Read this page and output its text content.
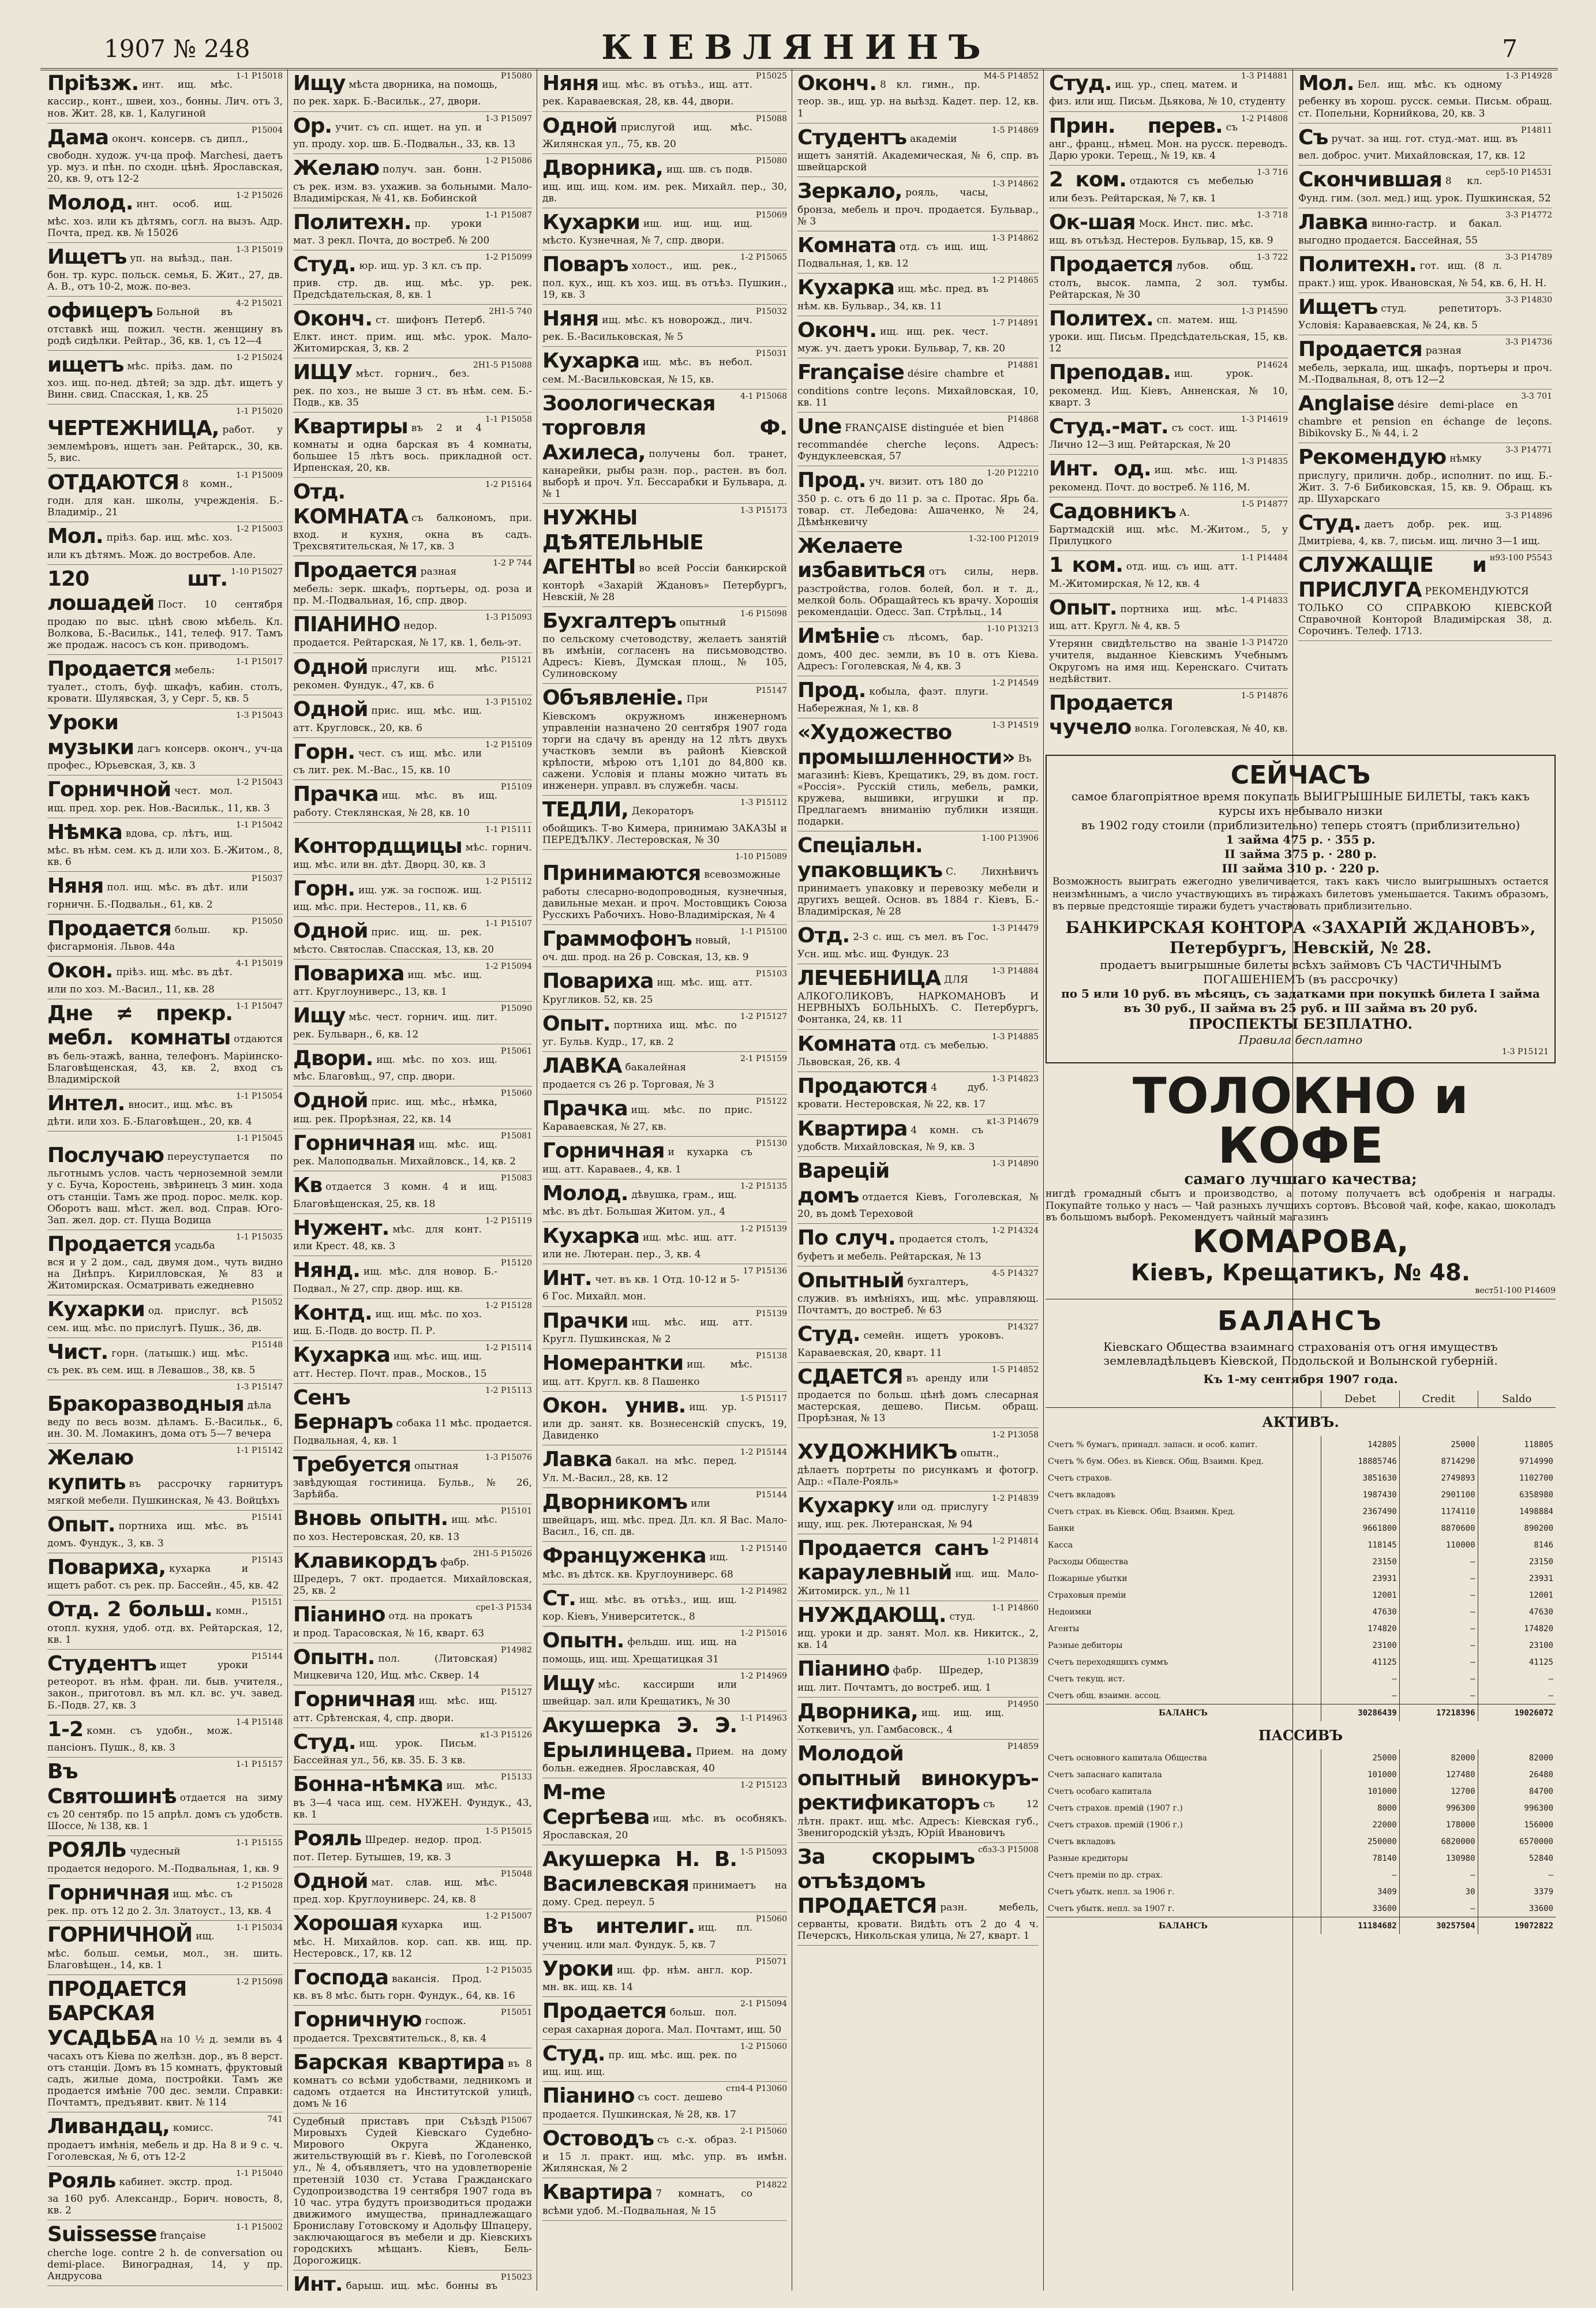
1907 № 248	КІЕВЛЯНИНЪ	7
1-1 P15018
Пріѣзж. инт. ищ. мѣс. кассир., конт., швеи, хоз., бонны. Лич. отъ 3, нов. Жит. 28, кв. 1, Калугиной
Р15004
Дама оконч. консерв. съ дипл., свободн. худож. уч-ца проф. Marchesi, даетъ ур. муз. и пѣн. по сходн. цѣнѣ. Ярославская, 20, кв. 9, отъ 12-2
1-2 P15026
Молод. инт. особ. ищ. мѣс. хоз. или къ дѣтямъ, согл. на вызъ. Адр. Почта, пред. кв. № 15026
1-3 Р15019
Ищетъ уп. на выѣзд., пан. бон. тр. курс. польск. семья, Б. Жит., 27, дв. А. В., отъ 10-2, мож. по-вез.
4-2 Р15021
офицеръ Больной въ отставкѣ ищ. пожил. честн. женщину въ родѣ сидѣлки. Рейтар., 36, кв. 1, съ 12—4
1-2 Р15024
ищетъ мѣс. пріѣз. дам. по хоз. ищ. по-нед. дѣтей; за здр. дѣт. ищетъ у Винн. свид. Спасская, 1, кв. 25
1-1 Р15020
ЧЕРТЕЖНИЦА, работ. у землемѣровъ, ищетъ зан. Рейтарск., 30, кв. 5, вис.
1-1 Р15009
ОТДАЮТСЯ 8 комн., годн. для кан. школы, учрежденія. Б.-Владимір., 21
1-2 Р15003
Мол. пріѣз. бар. ищ. мѣс. хоз. или къ дѣтямъ. Мож. до востребов. Але.
1-10 Р15027
120 шт. лошадей Пост. 10 сентября продаю по выс. цѣнѣ свою мѣбель. Кл. Волкова, Б.-Васильк., 141, телеф. 917. Тамъ же продаж. насосъ съ кон. приводомъ.
1-1 Р15017
Продается мебель: туалет., столъ, буф. шкафъ, кабин. столъ, кровати. Шулявская, 3, у Серг. 5, кв. 5
1-3 Р15043
Уроки музыки дагъ консерв. оконч., уч-ца профес., Юрьевская, 3, кв. 3
1-2 Р15043
Горничной чест. мол. ищ. пред. хор. рек. Нов.-Васильк., 11, кв. 3
1-1 Р15042
Нѣмка вдова, ср. лѣтъ, ищ. мѣс. въ нѣм. сем. къ д. или хоз. Б.-Житом., 8, кв. 6
Р15037
Няня пол. ищ. мѣс. въ дѣт. или горничн. Б.-Подвальн., 61, кв. 2
Р15050
Продается больш. кр. фисгармонія. Львов. 44а
4-1 Р15019
Окон. пріѣз. ищ. мѣс. въ дѣт. или по хоз. М.-Васил., 11, кв. 28
1-1 Р15047
Дне ≠ прекр. мебл. комнаты отдаются въ бель-этажѣ, ванна, телефонъ. Маріинско-Благовѣщенская, 43, кв. 2, вход съ Владимірской
1-1 Р15054
Интел. вносит., ищ. мѣс. въ дѣти. или хоз. Б.-Благовѣщен., 20, кв. 4
1-1 Р15045
Послучаю переуступается по льготнымъ услов. часть черноземной земли у с. Буча, Коростень, звѣринецъ 3 мин. хода отъ станціи. Тамъ же прод. порос. мелк. кор. Оборотъ ваш. мѣст. жел. вод. Справ. Юго-Зап. жел. дор. ст. Пуща Водица
1-1 Р15035
Продается усадьба вся и у 2 дом., сад, двумя дом., чуть видно на Днѣпръ. Кирилловская, № 83 и Житомирская. Осматривать ежедневно
Р15052
Кухарки од. прислуг. всѣ сем. ищ. мѣс. по прислугѣ. Пушк., 36, дв.
Р15148
Чист. горн. (латышк.) ищ. мѣс. съ рек. въ сем. ищ. в Левашов., 38, кв. 5
1-3 Р15147
Бракоразводныя дѣла веду по весь возм. дѣламъ. Б.-Васильк., 6, ин. 30. М. Ломакинъ, дома отъ 5—7 вечера
1-1 Р15142
Желаю купить въ рассрочку гарнитуръ мягкой мебели. Пушкинская, № 43. Войцѣхъ
Р15141
Опыт. портниха ищ. мѣс. въ домъ. Фундук., 3, кв. 3
Р15143
Повариха, кухарка и ищетъ работ. съ рек. пр. Бассейн., 45, кв. 42
Р15151
Отд. 2 больш. комн., отопл. кухня, удоб. отд. вх. Рейтарская, 12, кв. 1
Р15144
Студентъ ищет уроки ретеорот. въ нѣм. фран. ли. быв. учителя., закон., приготовл. въ мл. кл. вс. уч. завед. Б.-Подв. 27, кв. 3
1-4 Р15148
1-2 комн. съ удобн., мож. пансіонъ. Пушк., 8, кв. 3
1-1 Р15157
Въ Святошинѣ отдается на зиму съ 20 сентябр. по 15 апрѣл. домъ съ удобств. Шоссе, № 138, кв. 1
1-1 Р15155
РОЯЛЬ чудесный продается недорого. М.-Подвальная, 1, кв. 9
1-2 Р15028
Горничная ищ. мѣс. съ рек. пр. отъ 12 до 2. Зл. Златоуст., 13, кв. 4
1-1 Р15034
ГОРНИЧНОЙ ищ. мѣс. больш. семьи, мол., зн. шить. Благовѣщен., 14, кв. 1
1-2 Р15098
ПРОДАЕТСЯ БАРСКАЯ УСАДЬБА на 10 ½ д. земли въ 4 часахъ отъ Кіева по желѣзн. дор., въ 8 верст. отъ станціи. Домъ въ 15 комнатъ, фруктовый садъ, жилые дома, постройки. Тамъ же продается имѣніе 700 дес. земли. Справки: Почтамтъ, предъявит. квит. № 114
741
Ливандац, комисс. продаетъ имѣнія, мебель и др. На 8 и 9 с. ч. Гоголевская, № 6, отъ 12-2
1-1 Р15040
Рояль кабинет. экстр. прод. за 160 руб. Александр., Борич. новость, 8, кв. 2
1-1 Р15002
Suissesse française cherche loge. contre 2 h. de conversation ou demi-place. Виноградная, 14, у пр. Андрусова
Р15080
Ищу мѣста дворника, на помощь, по рек. харк. Б.-Васильк., 27, двори.
1-3 Р15097
Ор. учит. съ сп. ищет. на уп. и уп. проду. хор. шв. Б.-Подвальн., 33, кв. 13
1-2 Р15086
Желаю получ. зан. бонн. съ рек. изм. вз. ухажив. за больными. Мало-Владимірская, № 41, кв. Бобинской
1-1 Р15087
Политехн. пр. уроки мат. 3 рекл. Почта, до востреб. № 200
1-2 Р15099
Студ. юр. ищ. ур. 3 кл. съ пр. прив. стр. дв. ищ. мѣс. ур. рек. Предсѣдательская, 8, кв. 1
2Н1-5 740
Оконч. ст. шифонъ Петерб. Елкт. инст. прим. ищ. мѣс. урок. Мало-Житомирская, 3, кв. 2
2Н1-5 P15088
ИЩУ мѣст. горнич., без. рек. по хоз., не выше 3 ст. въ нѣм. сем. Б.-Подв., кв. 35
1-1 Р15058
Квартиры въ 2 и 4 комнаты и одна барская въ 4 комнаты, большее 15 лѣтъ вось. прикладной ост. Ирпенская, 20, кв.
1-2 Р15164
Отд. КОМНАТА съ балкономъ, при. вход. и кухня, окна въ садъ. Трехсвятительская, № 17, кв. 3
1-2 Р 744
Продается разная мебель: зерк. шкафъ, портьеры, од. роза и пр. М.-Подвальная, 16, спр. двор.
1-3 Р15093
ПІАНИНО недор. продается. Рейтарская, № 17, кв. 1, бель-эт.
Р15121
Одной прислуги ищ. мѣс. рекомен. Фундук., 47, кв. 6
1-3 Р15102
Одной прис. ищ. мѣс. ищ. атт. Кругловск., 20, кв. 6
1-2 Р15109
Горн. чест. съ ищ. мѣс. или съ лит. рек. М.-Вас., 15, кв. 10
Р15109
Прачка ищ. мѣс. въ ищ. работу. Стеклянская, № 28, кв. 10
1-1 Р15111
Контордщицы мѣс. горнич. ищ. мѣс. или вн. дѣт. Дворц. 30, кв. 3
1-2 Р15112
Горн. ищ. уж. за госпож. ищ. ищ. мѣс. при. Нестеров., 11, кв. 6
1-1 Р15107
Одной прис. ищ. ш. рек. мѣсто. Святослав. Спасская, 13, кв. 20
1-2 Р15094
Повариха ищ. мѣс. ищ. атт. Круглоуниверс., 13, кв. 1
Р15090
Ищу мѣс. чест. горнич. ищ. лит. рек. Бульварн., 6, кв. 12
Р15061
Двори. ищ. мѣс. по хоз. ищ. мѣс. Благовѣщ., 97, спр. двори.
Р15060
Одной прис. ищ. мѣс., нѣмка, ищ. рек. Прорѣзная, 22, кв. 14
Р15081
Горничная ищ. мѣс. ищ. рек. Малоподвальн. Михайловск., 14, кв. 2
Р15083
Кв отдается 3 комн. 4 и ищ. Благовѣщенская, 25, кв. 18
1-2 Р15119
Нужент. мѣс. для конт. или Крест. 48, кв. 3
Р15120
Нянд. ищ. мѣс. для новор. Б.-Подвал., № 27, спр. двор. ищ. кв.
1-2 Р15128
Контд. ищ. ищ. мѣс. по хоз. ищ. Б.-Подв. до востр. П. Р.
1-2 Р15114
Кухарка ищ. мѣс. ищ. ищ. атт. Нестер. Почт. прав., Москов., 15
1-2 Р15113
Сенъ Бернаръ собака 11 мѣс. продается. Подвальная, 4, кв. 1
1-3 Р15076
Требуется опытная завѣдующая гостиница. Бульв., № 26, Зарѣйба.
Р15101
Вновь опытн. ищ. мѣс. по хоз. Нестеровская, 20, кв. 13
2Н1-5 Р15026
Клавикордъ фабр. Шредеръ, 7 окт. продается. Михайловская, 25, кв. 2
сре1-3 Р1534
Піанино отд. на прокатъ и прод. Тарасовская, № 16, кварт. 63
Р14982
Опытн. пол. (Литовская) Мицкевича 120, Ищ. мѣс. Сквер. 14
Р15127
Горничная ищ. мѣс. ищ. атт. Срѣтенская, 4, спр. двори.
к1-3 Р15126
Студ. ищ. урок. Письм. Бассейная ул., 56, кв. 35. Б. 3 кв.
Р15133
Бонна-нѣмка ищ. мѣс. въ 3—4 часа ищ. сем. НУЖЕН. Фундук., 43, кв. 1
1-5 Р15015
Рояль Шредер. недор. прод. пот. Петер. Бутышев, 19, кв. 3
Р15048
Одной мат. слав. ищ. мѣс. пред. хор. Круглоуниверс. 24, кв. 8
1-2 Р15007
Хорошая кухарка ищ. мѣс. Н. Михайлов. кор. сап. кв. ищ. пр. Нестеровск., 17, кв. 12
1-2 Р15035
Господа вакансія. Прод. кв. въ 8 мѣс. быть горн. Фундук., 64, кв. 16
Р15051
Горничную госпож. продается. Трехсвятительск., 8, кв. 4
Барская квартира въ 8 комнатъ со всѣми удобствами, ледникомъ и садомъ отдается на Институтской улицѣ, домъ № 16
Р15067
Судебный приставъ при Съѣздѣ Мировыхъ Судей Кіевскаго Судебно-Мирового Округа Жданенко, жительствующій въ г. Кіевѣ, по Гоголевской ул., № 4, объявляетъ, что на удовлетвореніе претензій 1030 ст. Устава Гражданскаго Судопроизводства 19 сентября 1907 года въ 10 час. утра будутъ производиться продажи движимого имущества, принадлежащаго Брониславу Готовскому и Адольфу Шпацеру, заключающагося въ мебели и др. Кіевскихъ городскихъ мѣщанъ. Кіевъ, Бель-Дорогожицк.
Р15023
Инт. барыш. ищ. мѣс. бонны въ
Р15025
Няня ищ. мѣс. въ отъѣз., ищ. атт. рек. Караваевская, 28, кв. 44, двори.
Р15088
Одной прислугой ищ. мѣс. Жилянская ул., 75, кв. 20
Р15080
Дворника, ищ. шв. съ подв. ищ. ищ. ищ. ком. им. рек. Михайл. пер., 30, дв.
Р15069
Кухарки ищ. ищ. ищ. ищ. мѣсто. Кузнечная, № 7, спр. двори.
1-2 Р15065
Поваръ холост., ищ. рек., пол. кух., ищ. къ хоз. ищ. въ отъѣз. Пушкин., 19, кв. 3
Р15032
Няня ищ. мѣс. къ новорожд., лич. рек. Б.-Васильковская, № 5
Р15031
Кухарка ищ. мѣс. въ небол. сем. М.-Васильковская, № 15, кв.
4-1 Р15068
Зоологическая торговля Ф. Ахилеса, получены бол. транет, канарейки, рыбы разн. пор., растен. въ бол. выборѣ и проч. Ул. Бессарабки и Бульвара, д. № 1
1-3 Р15173
НУЖНЫ ДѢЯТЕЛЬНЫЕ АГЕНТЫ во всей Россіи банкирской конторѣ «Захарій Ждановъ» Петербургъ, Невскій, № 28
1-6 Р15098
Бухгалтеръ опытный по сельскому счетоводству, желаетъ занятій въ имѣніи, согласенъ на письмоводство. Адресъ: Кіевъ, Думская площ., № 105, Сулиновскому
Р15147
Объявленіе. При Кіевскомъ окружномъ инженерномъ управленіи назначено 20 сентября 1907 года торги на сдачу въ аренду на 12 лѣтъ двухъ участковъ земли въ районѣ Кіевской крѣпости, мѣрою отъ 1,101 до 84,800 кв. сажени. Условія и планы можно читать въ инженерн. управл. въ служебн. часы.
1-3 Р15112
ТЕДЛИ, Декораторъ обойщикъ. Т-во Кимера, принимаю ЗАКАЗЫ и ПЕРЕДѢЛКУ. Лестеровская, № 30
1-10 Р15089
Принимаются всевозможные работы слесарно-водопроводныя, кузнечныя, давильные механ. и проч. Мостовщикъ Союза Русскихъ Рабочихъ. Ново-Владимірская, № 4
1-1 Р15100
Граммофонъ новый, оч. дш. прод. на 26 р. Совская, 13, кв. 9
Р15103
Повариха ищ. мѣс. ищ. атт. Кругликов. 52, кв. 25
1-2 Р15127
Опыт. портниха ищ. мѣс. по уг. Бульв. Кудр., 17, кв. 2
2-1 Р15159
ЛАВКА бакалейная продается съ 26 р. Торговая, № 3
Р15122
Прачка ищ. мѣс. по прис. Караваевская, № 27, кв.
Р15130
Горничная и кухарка съ ищ. атт. Караваев., 4, кв. 1
1-2 Р15135
Молод. дѣвушка, грам., ищ. мѣс. въ дѣт. Большая Житом. ул., 4
1-2 Р15139
Кухарка ищ. мѣс. ищ. атт. или не. Лютеран. пер., 3, кв. 4
17 Р15136
Инт. чет. въ кв. 1 Отд. 10-12 и 5-6 Гос. Михайл. мон.
Р15139
Прачки ищ. мѣс. ищ. атт. Кругл. Пушкинская, № 2
Р15138
Номерантки ищ. мѣс. ищ. атт. Кругл. кв. 8 Пашенко
1-5 Р15117
Окон. унив. ищ. ур. или др. занят. кв. Вознесенскій спускъ, 19, Давиденко
1-2 Р15144
Лавка бакал. на мѣс. перед. Ул. М.-Васил., 28, кв. 12
Р15144
Дворникомъ или швейцаръ, ищ. мѣс. пред. Дл. кл. Я Вас. Мало-Васил., 16, сп. дв.
1-2 Р15140
Француженка ищ. мѣс. въ дѣтск. кв. Круглоуниверс. 68
1-2 Р14982
Ст. ищ. мѣс. въ отъѣз., ищ. ищ. кор. Кіевъ, Университетск., 8
1-2 Р15016
Опытн. фельдш. ищ. ищ. на помощь, ищ. ищ. Хрещатицкая 31
1-2 Р14969
Ищу мѣс. кассирши или швейцар. зал. или Крещатикъ, № 30
1-1 Р14963
Акушерка Э. Э. Ерылинцева. Прием. на дому больн. ежеднев. Ярославская, 40
1-2 Р15123
М-me Сергѣева ищ. мѣс. въ особнякъ. Ярославская, 20
1-5 Р15093
Акушерка Н. В. Василевская принимаетъ на дому. Сред. переул. 5
Р15060
Въ интелиг. ищ. пл. учениц. или мал. Фундук. 5, кв. 7
Р15071
Уроки ищ. фр. нѣм. англ. кор. мн. вк. ищ. кв. 14
2-1 Р15094
Продается больш. пол. серая сахарная дорога. Мал. Почтамт, ищ. 50
1-2 Р15060
Студ. пр. ищ. мѣс. ищ. рек. по ищ. ищ. ищ.
стп4-4 Р13060
Піанино съ сост. дешево продается. Пушкинская, № 28, кв. 17
2-1 Р15060
Остоводъ съ с.-х. образ. и 15 л. практ. ищ. мѣс. упр. въ имѣн. Жилянская, № 2
Р14822
Квартира 7 комнатъ, со всѣми удоб. М.-Подвальная, № 15
М4-5 Р14852
Оконч. 8 кл. гимн., пр. теор. зв., ищ. ур. на выѣзд. Кадет. пер. 12, кв. 1
1-5 Р14869
Студентъ академіи ищетъ занятій. Академическая, № 6, спр. въ швейцарской
1-3 Р14862
Зеркало, рояль, часы, бронза, мебель и проч. продается. Бульвар., № 3
1-3 Р14862
Комната отд. съ ищ. ищ. Подвальная, 1, кв. 12
1-2 Р14865
Кухарка ищ. мѣс. пред. въ нѣм. кв. Бульвар., 34, кв. 11
1-7 Р14891
Оконч. ищ. ищ. рек. чест. муж. уч. даетъ уроки. Бульвар, 7, кв. 20
Р14881
Française désire chambre et conditions contre leçons. Михайловская, 10, кв. 11
Р14868
Une FRANÇAISE distinguée et bien recommandée cherche leçons. Адресъ: Фундуклеевская, 57
1-20 Р12210
Прод. уч. визит. отъ 180 до 350 р. с. отъ 6 до 11 р. за с. Протас. Ярь ба. товар. ст. Лебедова: Ашаченко, № 24, Дѣмѣнкевичу
1-32-100 Р12019
Желаете избавиться отъ силы, нерв. разстройства, голов. болей, бол. и т. д., мелкой боль. Обращайтесь къ врачу. Хорошія рекомендаціи. Одесс. Зап. Стрѣльц., 14
1-10 Р13213
Имѣніе съ лѣсомъ, бар. домъ, 400 дес. земли, въ 10 в. отъ Кіева. Адресъ: Гоголевская, № 4, кв. 3
1-2 Р14549
Прод. кобыла, фаэт. плуги. Набережная, № 1, кв. 8
1-3 Р14519
«Художество промышленности» Въ магазинѣ: Кіевъ, Крещатикъ, 29, въ дом. гост. «Россія». Русскій стиль, мебель, рамки, кружева, вышивки, игрушки и пр. Предлагаемъ вниманію публики изящн. подарки.
1-100 Р13906
Спеціальн. упаковщикъ С. Лихнѣвичъ принимаетъ упаковку и перевозку мебели и другихъ вещей. Основ. въ 1884 г. Кіевъ, Б.-Владимірская, № 28
1-3 Р14479
Отд. 2-3 с. ищ. съ мел. въ Гос. Усн. ищ. мѣс. ищ. Фундук. 23
1-3 Р14884
ЛЕЧЕБНИЦА ДЛЯ АЛКОГОЛИКОВЪ, НАРКОМАНОВЪ И НЕРВНЫХЪ БОЛЬНЫХЪ. С. Петербургъ, Фонтанка, 24, кв. 11
1-3 Р14885
Комната отд. съ мебелью. Львовская, 26, кв. 4
1-3 Р14823
Продаются 4 дуб. кровати. Нестеровская, № 22, кв. 17
к1-3 Р14679
Квартира 4 комн. съ удобств. Михайловская, № 9, кв. 3
1-3 Р14890
Варецій домъ отдается Кіевъ, Гоголевская, № 20, въ домѣ Тереховой
1-2 Р14324
По случ. продается столъ, буфетъ и мебель. Рейтарская, № 13
4-5 Р14327
Опытный бухгалтеръ, служив. въ имѣніяхъ, ищ. мѣс. управляющ. Почтамтъ, до востреб. № 63
Р14327
Студ. семейн. ищетъ уроковъ. Караваевская, 20, кварт. 11
1-5 Р14852
СДАЕТСЯ въ аренду или продается по больш. цѣнѣ домъ слесарная мастерская, дешево. Письм. обращ. Прорѣзная, № 13
1-2 Р13058
ХУДОЖНИКЪ опытн., дѣлаетъ портреты по рисункамъ и фотогр. Адр.: «Пале-Рояль»
1-2 Р14839
Кухарку или од. прислугу ищу, ищ. рек. Лютеранская, № 94
1-2 Р14814
Продается санъ караулевный ищ. ищ. Мало-Житомирск. ул., № 11
1-1 Р14860
НУЖДАЮЩ. студ. ищ. уроки и др. занят. Мол. кв. Никитск., 2, кв. 14
1-10 Р13839
Піанино фабр. Шредер, ищ. лит. Почтамтъ, до востреб. ищ. 1
Р14950
Дворника, ищ. ищ. ищ. Хоткевичъ, ул. Гамбасовск., 4
Р14859
Молодой опытный винокуръ-ректификаторъ съ 12 лѣтн. практ. ищ. мѣс. Адресъ: Кіевская губ., Звенигородскій уѣздъ, Юрій Ивановичъ
сбз3-3 Р15008
За скорымъ отъѣздомъ ПРОДАЕТСЯ разн. мебель, серванты, кровати. Видѣть отъ 2 до 4 ч. Печерскъ, Никольская улица, № 27, кварт. 1
1-3 Р14881
Студ. ищ. ур., спец. матем. и физ. или ищ. Письм. Дьякова, № 10, студенту
1-2 Р14808
Прин. перев. съ анг., франц., нѣмец. Мон. на русск. переводъ. Дарю уроки. Терещ., № 19, кв. 4
1-3 716
2 ком. отдаются съ мебелью или безъ. Рейтарская, № 7, кв. 1
1-3 718
Ок-шая Моск. Инст. пис. мѣс. ищ. въ отъѣзд. Нестеров. Бульвар, 15, кв. 9
1-3 722
Продается лубов. общ. столъ, высок. лампа, 2 зол. тумбы. Рейтарская, № 30
1-3 Р14590
Политех. сп. матем. ищ. уроки. ищ. Письм. Предсѣдательская, 15, кв. 12
Р14624
Преподав. ищ. урок. рекоменд. Ищ. Кіевъ, Анненская, № 10, кварт. 3
1-3 Р14619
Студ.-мат. съ сост. ищ. Лично 12—3 ищ. Рейтарская, № 20
1-3 Р14835
Инт. од. ищ. мѣс. ищ. рекоменд. Почт. до востреб. № 116, М.
1-5 Р14877
Садовникъ А. Бартмадскій ищ. мѣс. М.-Житом., 5, у Прилуцкого
1-1 Р14484
1 ком. отд. ищ. съ ищ. атт. М.-Житомирская, № 12, кв. 4
1-4 Р14833
Опыт. портниха ищ. мѣс. ищ. атт. Кругл. № 4, кв. 5
1-3 Р14720
Утерянн свидѣтельство на званіе учителя, выданное Кіевскимъ Учебнымъ Округомъ на имя ищ. Керенскаго. Считать недѣйствит.
1-5 Р14876
Продается чучело волка. Гоголевская, № 40, кв.
1-3 Р14928
Мол. Бел. ищ. мѣс. къ одному ребенку въ хорош. русск. семьи. Письм. обращ. ст. Попельни, Корнийкова, 20, кв. 3
Р14811
Съ ручат. за ищ. гот. студ.-мат. ищ. въ вел. доброс. учит. Михайловская, 17, кв. 12
сер5-10 Р14531
Скончившая 8 кл. Фунд. гим. (зол. мед.) ищ. урок. Пушкинская, 52
3-3 Р14772
Лавка винно-гастр. и бакал. выгодно продается. Бассейная, 55
3-3 Р14789
Политехн. гот. ищ. (8 л. практ.) ищ. урок. Ивановская, № 54, кв. 6, Н. Н.
3-3 Р14830
Ищетъ студ. репетиторъ. Условія: Караваевская, № 24, кв. 5
3-3 Р14736
Продается разная мебель, зеркала, ищ. шкафъ, портьеры и проч. М.-Подвальная, 8, отъ 12—2
3-3 701
Anglaise désire demi-place en chambre et pension en échange de leçons. Bibikovsky Б., № 44, i. 2
3-3 Р14771
Рекомендую нѣмку прислугу, приличн. добр., исполнит. по ищ. Б.-Жит. 3. 7-6 Бибиковская, 15, кв. 9. Обращ. къ др. Шухарскаго
3-3 Р14896
Студ. даетъ добр. рек. ищ. Дмитріева, 4, кв. 7, письм. ищ. лично 3—1 ищ.
н93-100 Р5543
СЛУЖАЩІЕ и ПРИСЛУГА РЕКОМЕНДУЮТСЯ ТОЛЬКО СО СПРАВКОЮ КІЕВСКОЙ Справочной Конторой Владимірская 38, д. Сорочинъ. Телеф. 1713.
СЕЙЧАСЪ
самое благопріятное время покупать ВЫИГРЫШНЫЕ БИЛЕТЫ, такъ какъ курсы ихъ небывало низки
въ 1902 году стоили (приблизительно) теперь стоятъ (приблизительно)
1 займа 475 р. · 355 р.
II займа 375 р. · 280 р.
III займа 310 р. · 220 р.
Возможность выиграть ежегодно увеличивается, такъ какъ число выигрышныхъ остается неизмѣннымъ, а число участвующихъ въ тиражахъ билетовъ уменьшается. Такимъ образомъ, въ первые предстоящіе тиражи будетъ участвовать приблизительно.
БАНКИРСКАЯ КОНТОРА «ЗАХАРІЙ ЖДАНОВЪ», Петербургъ, Невскій, № 28.
продаетъ выигрышные билеты всѣхъ займовъ СЪ ЧАСТИЧНЫМЪ ПОГАШЕНІЕМЪ (въ рассрочку)
по 5 или 10 руб. въ мѣсяцъ, съ задатками при покупкѣ билета I займа въ 30 руб., II займа въ 25 руб. и III займа въ 20 руб.
ПРОСПЕКТЫ БЕЗПЛАТНО.
Правила бесплатно
1-3 Р15121
ТОЛОКНО и КОФЕ
самаго лучшаго качества;
нигдѣ громадный сбытъ и производство, а потому получаетъ всѣ одобренія и награды. Покупайте только у насъ — Чай разныхъ лучшихъ сортовъ. Вѣсовой чай, кофе, какао, шоколадъ въ большомъ выборѣ. Рекомендуетъ чайный магазинъ
КОМАРОВА,
Кіевъ, Крещатикъ, № 48.
вест51-100 Р14609
БАЛАНСЪ
Кіевскаго Общества взаимнаго страхованія отъ огня имуществъ землевладѣльцевъ Кіевской, Подольской и Волынской губерній.
Къ 1-му сентября 1907 года.
	Debet	Credit	Saldo
АКТИВЪ.			
Счетъ % бумагъ, принадл. запасн. и особ. капит.	142805	25000	118805
Счетъ % бум. Обез. въ Кіевск. Общ. Взаимн. Кред.	18885746	8714290	9714990
Счетъ страхов.	3851630	2749893	1102700
Счетъ вкладовъ	1987430	2901100	6358980
Счетъ страх. въ Кіевск. Общ. Взаимн. Кред.	2367490	1174110	1498884
Банки	9661800	8870600	890200
Касса	118145	110000	8146
Расходы Общества	23150	—	23150
Пожарные убытки	23931	—	23931
Страховыя преміи	12001	—	12001
Недоимки	47630	—	47630
Агенты	174820	—	174820
Разные дебиторы	23100	—	23100
Счетъ переходящихъ суммъ	41125	—	41125
Счетъ текущ. ист.	—	—	—
Счетъ общ. взаимн. ассоц.	—	—	—
БАЛАНСЪ	30286439	17218396	19026072
ПАССИВЪ			
Счетъ основного капитала Общества	25000	82000	82000
Счетъ запаснаго капитала	101000	127480	26480
Счетъ особаго капитала	101000	12700	84700
Счетъ страхов. премій (1907 г.)	8000	996300	996300
Счетъ страхов. премій (1906 г.)	22000	178000	156000
Счетъ вкладовъ	250000	6820000	6570000
Разные кредиторы	78140	130980	52840
Счетъ преміи по др. страх.	—	—	—
Счетъ убытк. непл. за 1906 г.	3409	30	3379
Счетъ убытк. непл. за 1907 г.	33600	—	33600
БАЛАНСЪ	11184682	30257504	19072822
